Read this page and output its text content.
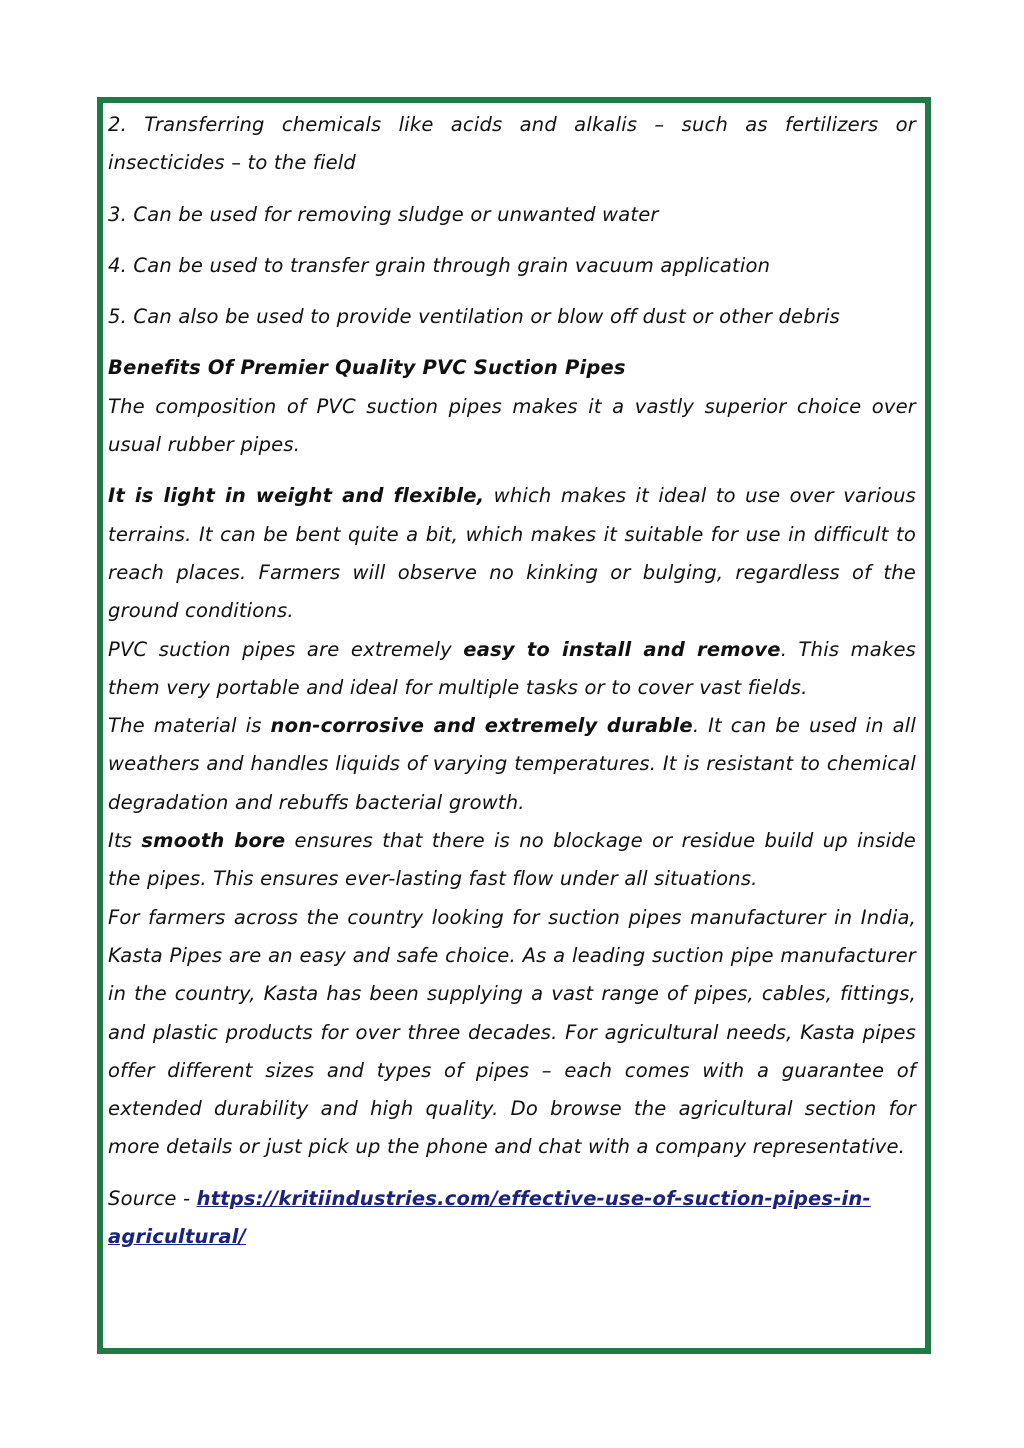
2. Transferring chemicals like acids and alkalis – such as fertilizers or insecticides – to the field

3. Can be used for removing sludge or unwanted water

4. Can be used to transfer grain through grain vacuum application

5. Can also be used to provide ventilation or blow off dust or other debris

Benefits Of Premier Quality PVC Suction Pipes

The composition of PVC suction pipes makes it a vastly superior choice over usual rubber pipes.

It is light in weight and flexible, which makes it ideal to use over various terrains. It can be bent quite a bit, which makes it suitable for use in difficult to reach places. Farmers will observe no kinking or bulging, regardless of the ground conditions.

PVC suction pipes are extremely easy to install and remove. This makes them very portable and ideal for multiple tasks or to cover vast fields.

The material is non-corrosive and extremely durable. It can be used in all weathers and handles liquids of varying temperatures. It is resistant to chemical degradation and rebuffs bacterial growth.

Its smooth bore ensures that there is no blockage or residue build up inside the pipes. This ensures ever-lasting fast flow under all situations.

For farmers across the country looking for suction pipes manufacturer in India, Kasta Pipes are an easy and safe choice. As a leading suction pipe manufacturer in the country, Kasta has been supplying a vast range of pipes, cables, fittings, and plastic products for over three decades. For agricultural needs, Kasta pipes offer different sizes and types of pipes – each comes with a guarantee of extended durability and high quality. Do browse the agricultural section for more details or just pick up the phone and chat with a company representative.

Source - https://kritiindustries.com/effective-use-of-suction-pipes-in-agricultural/
